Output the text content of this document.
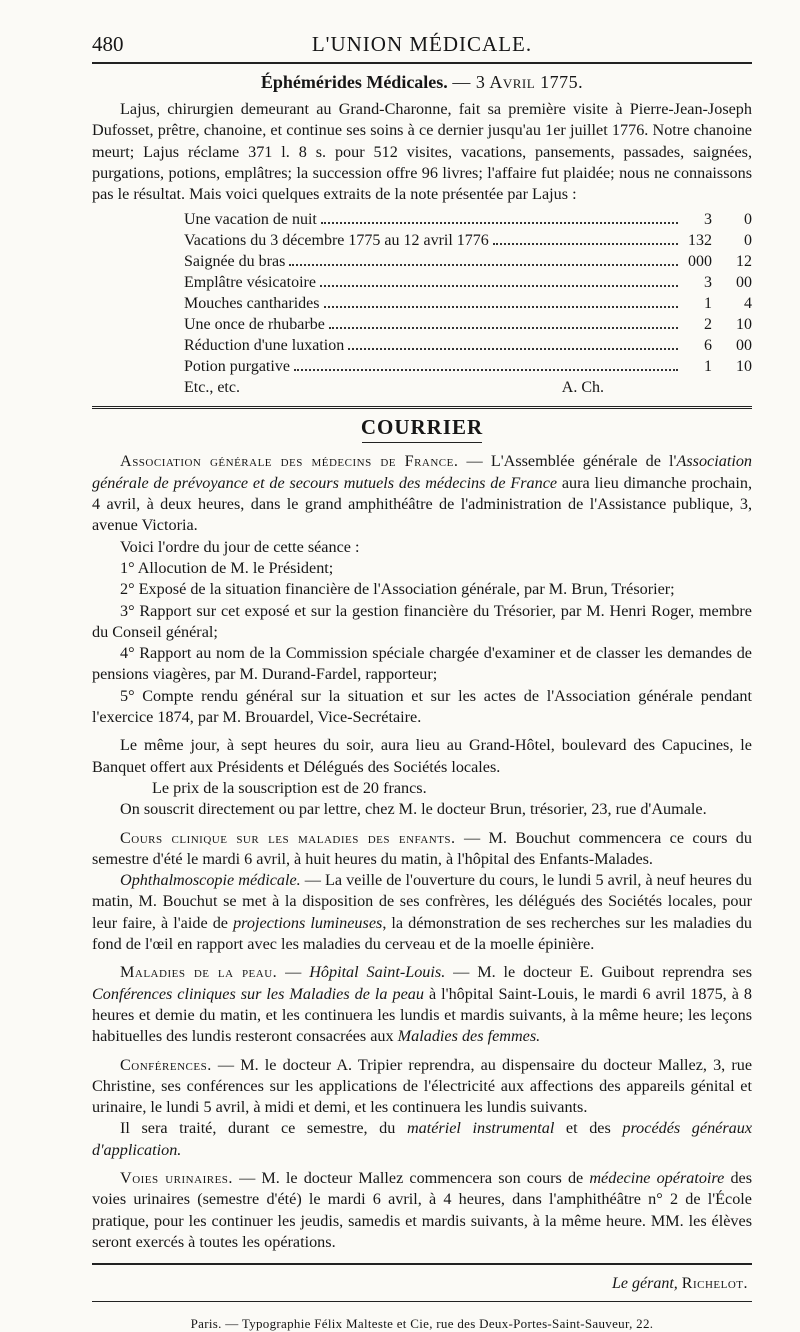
480	L'UNION MÉDICALE.
Éphémérides Médicales. — 3 Avril 1775.

Lajus, chirurgien demeurant au Grand-Charonne, fait sa première visite à Pierre-Jean-Joseph Dufosset, prêtre, chanoine, et continue ses soins à ce dernier jusqu'au 1er juillet 1776. Notre chanoine meurt; Lajus réclame 371 l. 8 s. pour 512 visites, vacations, pansements, passades, saignées, purgations, potions, emplâtres; la succession offre 96 livres; l'affaire fut plaidée; nous ne connaissons pas le résultat. Mais voici quelques extraits de la note présentée par Lajus :

Une vacation de nuit	3	0
Vacations du 3 décembre 1775 au 12 avril 1776	132	0
Saignée du bras	000	12
Emplâtre vésicatoire	3	00
Mouches cantharides	1	4
Une once de rhubarbe	2	10
Réduction d'une luxation	6	00
Potion purgative	1	10
Etc., etc.	A. Ch.
COURRIER

Association générale des médecins de France. — L'Assemblée générale de l'Association générale de prévoyance et de secours mutuels des médecins de France aura lieu dimanche prochain, 4 avril, à deux heures, dans le grand amphithéâtre de l'administration de l'Assistance publique, 3, avenue Victoria.

Voici l'ordre du jour de cette séance :

1° Allocution de M. le Président;

2° Exposé de la situation financière de l'Association générale, par M. Brun, Trésorier;

3° Rapport sur cet exposé et sur la gestion financière du Trésorier, par M. Henri Roger, membre du Conseil général;

4° Rapport au nom de la Commission spéciale chargée d'examiner et de classer les demandes de pensions viagères, par M. Durand-Fardel, rapporteur;

5° Compte rendu général sur la situation et sur les actes de l'Association générale pendant l'exercice 1874, par M. Brouardel, Vice-Secrétaire.

Le même jour, à sept heures du soir, aura lieu au Grand-Hôtel, boulevard des Capucines, le Banquet offert aux Présidents et Délégués des Sociétés locales.

Le prix de la souscription est de 20 francs.

On souscrit directement ou par lettre, chez M. le docteur Brun, trésorier, 23, rue d'Aumale.

Cours clinique sur les maladies des enfants. — M. Bouchut commencera ce cours du semestre d'été le mardi 6 avril, à huit heures du matin, à l'hôpital des Enfants-Malades.

Ophthalmoscopie médicale. — La veille de l'ouverture du cours, le lundi 5 avril, à neuf heures du matin, M. Bouchut se met à la disposition de ses confrères, les délégués des Sociétés locales, pour leur faire, à l'aide de projections lumineuses, la démonstration de ses recherches sur les maladies du fond de l'œil en rapport avec les maladies du cerveau et de la moelle épinière.

Maladies de la peau. — Hôpital Saint-Louis. — M. le docteur E. Guibout reprendra ses Conférences cliniques sur les Maladies de la peau à l'hôpital Saint-Louis, le mardi 6 avril 1875, à 8 heures et demie du matin, et les continuera les lundis et mardis suivants, à la même heure; les leçons habituelles des lundis resteront consacrées aux Maladies des femmes.

Conférences. — M. le docteur A. Tripier reprendra, au dispensaire du docteur Mallez, 3, rue Christine, ses conférences sur les applications de l'électricité aux affections des appareils génital et urinaire, le lundi 5 avril, à midi et demi, et les continuera les lundis suivants.

Il sera traité, durant ce semestre, du matériel instrumental et des procédés généraux d'application.

Voies urinaires. — M. le docteur Mallez commencera son cours de médecine opératoire des voies urinaires (semestre d'été) le mardi 6 avril, à 4 heures, dans l'amphithéâtre n° 2 de l'École pratique, pour les continuer les jeudis, samedis et mardis suivants, à la même heure. MM. les élèves seront exercés à toutes les opérations.

Le gérant, Richelot.
Paris. — Typographie Félix Malteste et Cie, rue des Deux-Portes-Saint-Sauveur, 22.
